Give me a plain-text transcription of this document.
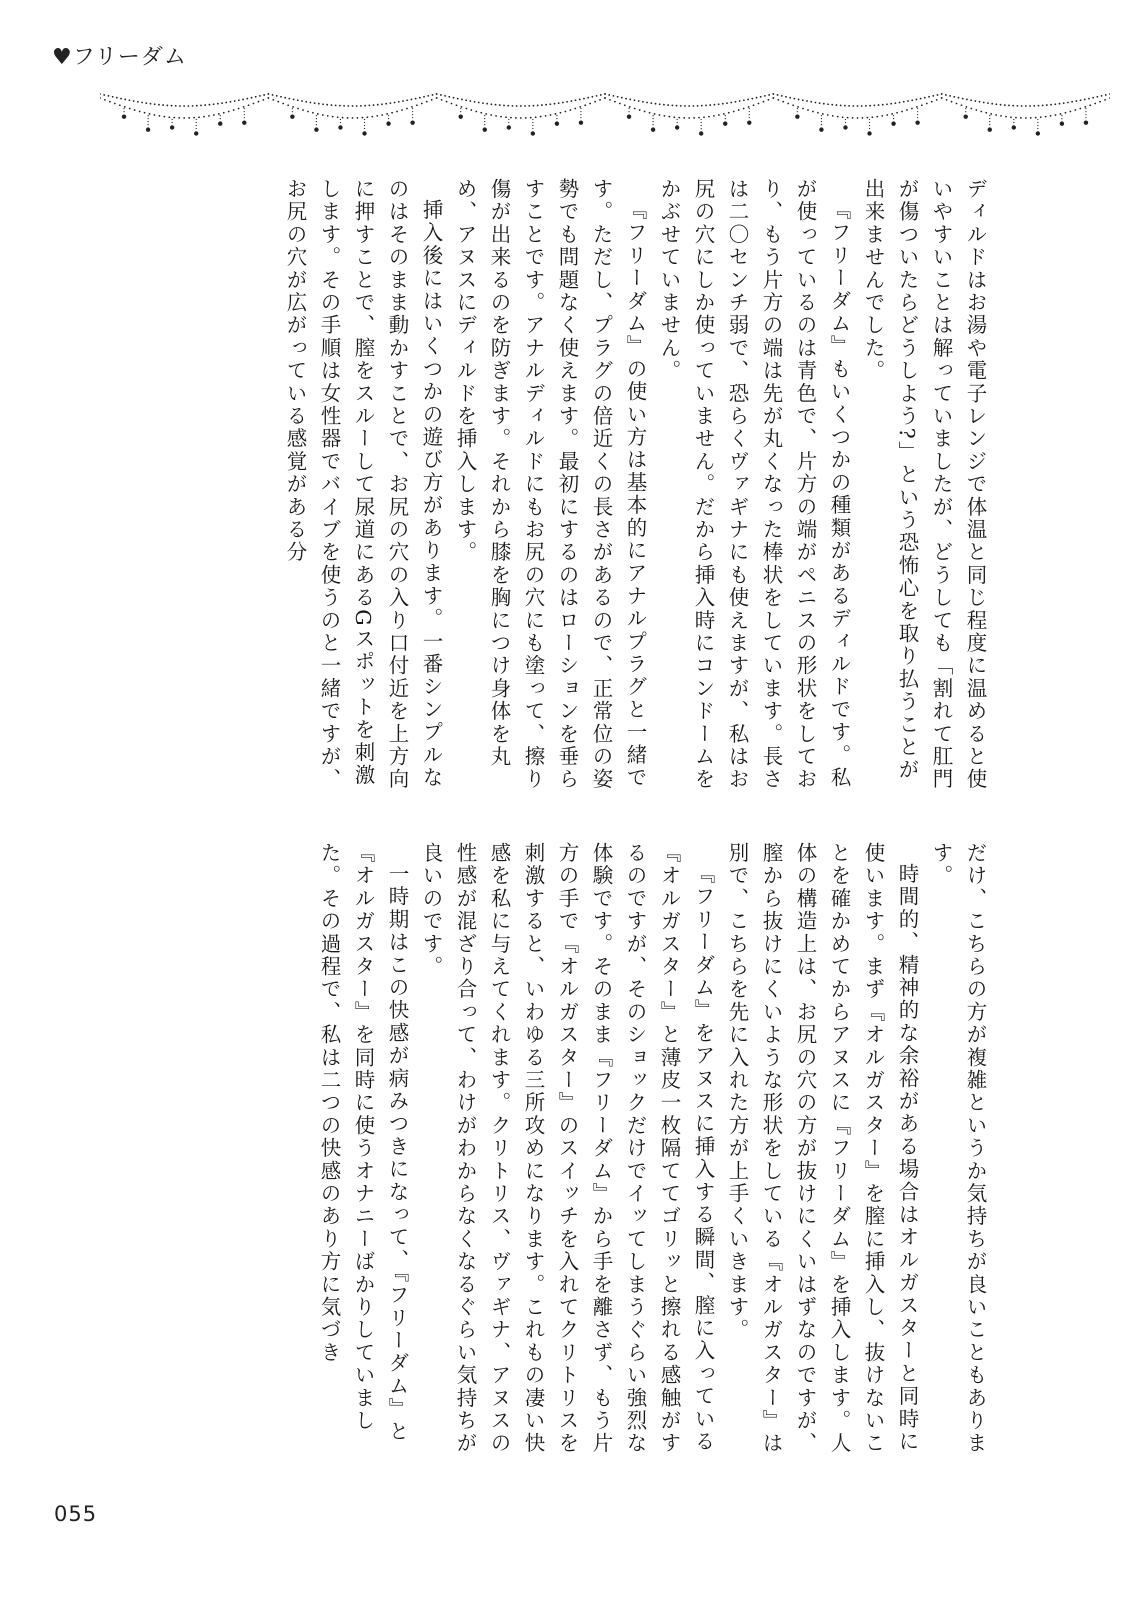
♥フリーダム

ディルドはお湯や電子レンジで体温と同じ程度に温めると使いやすいことは解っていましたが、どうしても「割れて肛門が傷ついたらどうしよう?」という恐怖心を取り払うことが出来ませんでした。

『フリーダム』もいくつかの種類があるディルドです。私が使っているのは青色で、片方の端がペニスの形状をしており、もう片方の端は先が丸くなった棒状をしています。長さは二〇センチ弱で、恐らくヴァギナにも使えますが、私はお尻の穴にしか使っていません。だから挿入時にコンドームをかぶせていません。

『フリーダム』の使い方は基本的にアナルプラグと一緒です。ただし、プラグの倍近くの長さがあるので、正常位の姿勢でも問題なく使えます。最初にするのはローションを垂らすことです。アナルディルドにもお尻の穴にも塗って、擦り傷が出来るのを防ぎます。それから膝を胸につけ身体を丸め、アヌスにディルドを挿入します。

挿入後にはいくつかの遊び方があります。一番シンプルなのはそのまま動かすことで、お尻の穴の入り口付近を上方向に押すことで、膣をスルーして尿道にあるGスポットを刺激します。その手順は女性器でバイブを使うのと一緒ですが、お尻の穴が広がっている感覚がある分

だけ、こちらの方が複雑というか気持ちが良いこともあります。

時間的、精神的な余裕がある場合はオルガスターと同時に使います。まず『オルガスター』を膣に挿入し、抜けないことを確かめてからアヌスに『フリーダム』を挿入します。人体の構造上は、お尻の穴の方が抜けにくいはずなのですが、膣から抜けにくいような形状をしている『オルガスター』は別で、こちらを先に入れた方が上手くいきます。

『フリーダム』をアヌスに挿入する瞬間、膣に入っている『オルガスター』と薄皮一枚隔ててゴリッと擦れる感触がするのですが、そのショックだけでイッてしまうぐらい強烈な体験です。そのまま『フリーダム』から手を離さず、もう片方の手で『オルガスター』のスイッチを入れてクリトリスを刺激すると、いわゆる三所攻めになります。これもの凄い快感を私に与えてくれます。クリトリス、ヴァギナ、アヌスの性感が混ざり合って、わけがわからなくなるぐらい気持ちが良いのです。

一時期はこの快感が病みつきになって、『フリーダム』と『オルガスター』を同時に使うオナニーばかりしていました。その過程で、私は二つの快感のあり方に気づき

055
